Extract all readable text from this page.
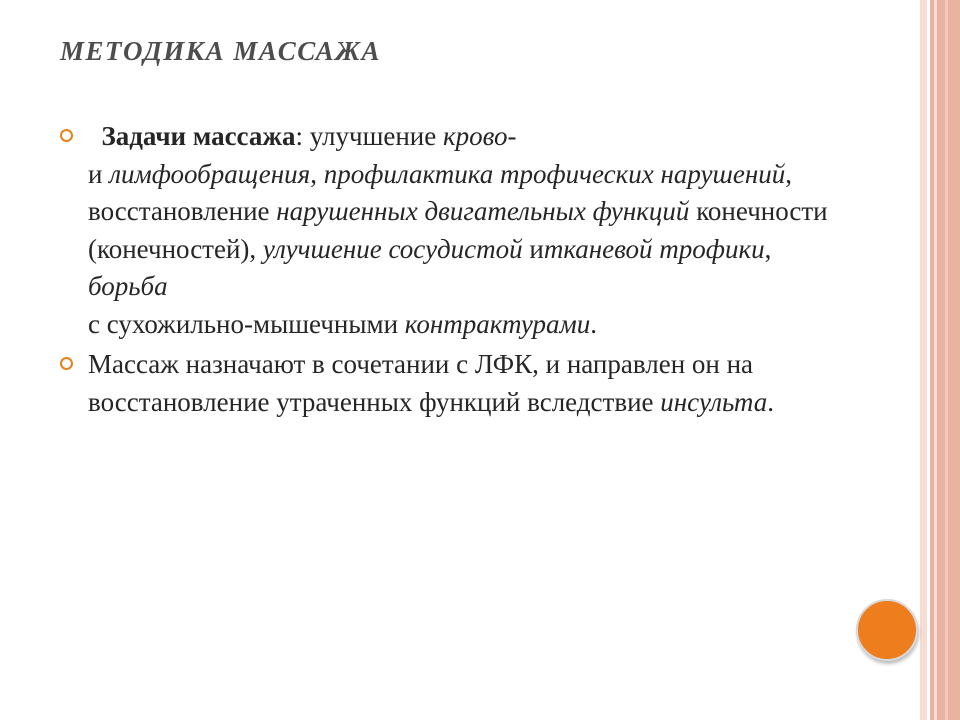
МЕТОДИКА МАССАЖА
Задачи массажа: улучшение крово-
и лимфообращения, профилактика трофических нарушений, восстановление нарушенных двигательных функций конечности (конечностей), улучшение сосудистой итканевой трофики, борьба
с сухожильно-мышечными контрактурами.
Массаж назначают в сочетании с ЛФК, и направлен он на восстановление утраченных функций вследствие инсульта.
